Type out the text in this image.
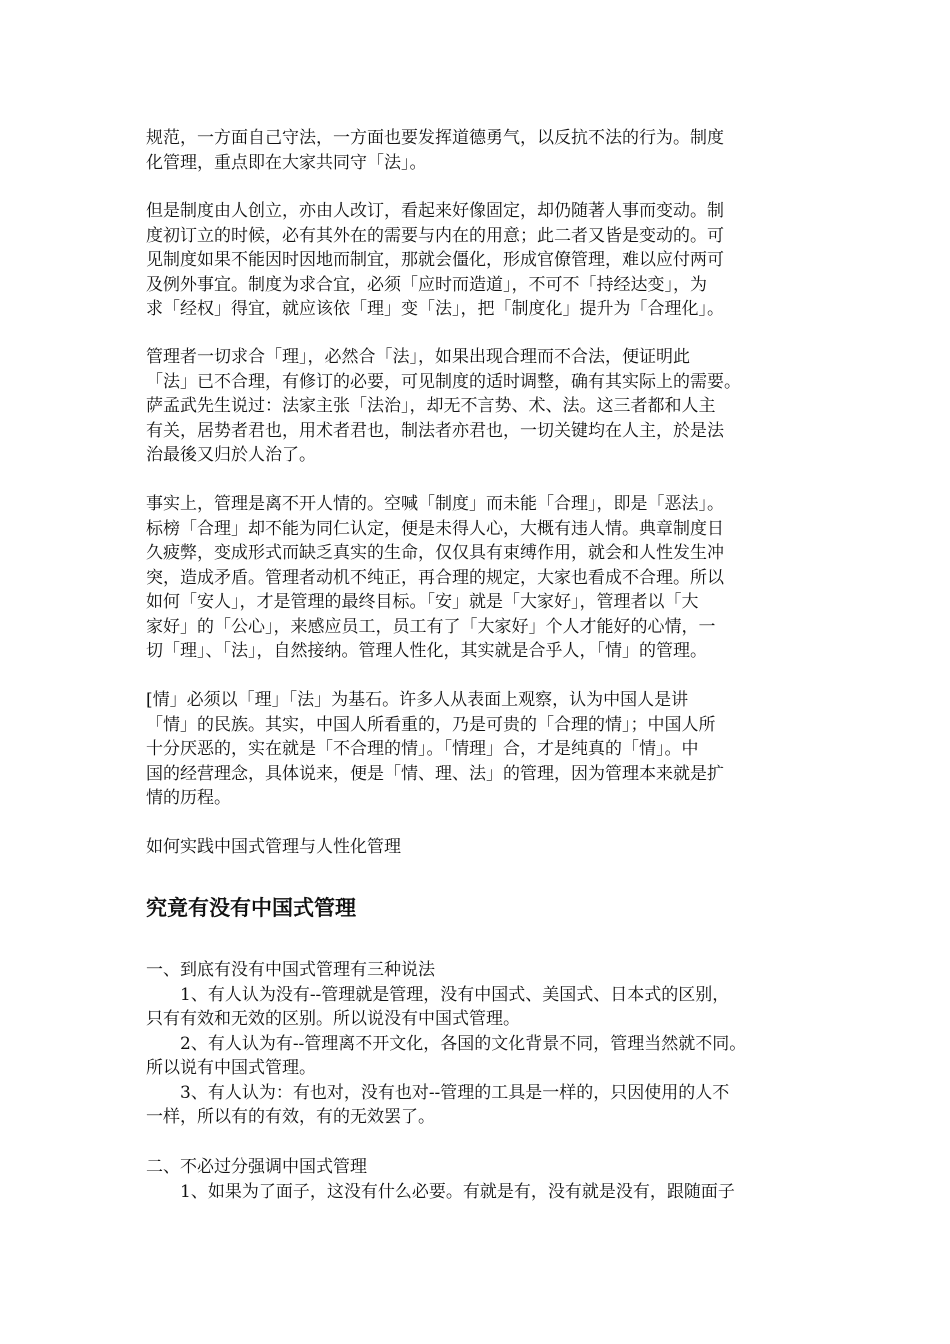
规范，一方面自己守法，一方面也要发挥道德勇气，以反抗不法的行为。制度
化管理，重点即在大家共同守「法」。
但是制度由人创立，亦由人改订，看起来好像固定，却仍随著人事而变动。制
度初订立的时候，必有其外在的需要与内在的用意；此二者又皆是变动的。可
见制度如果不能因时因地而制宜，那就会僵化，形成官僚管理，难以应付两可
及例外事宜。制度为求合宜，必须「应时而造道」，不可不「持经达变」，为
求「经权」得宜，就应该依「理」变「法」，把「制度化」提升为「合理化」。
管理者一切求合「理」，必然合「法」，如果出现合理而不合法，便证明此
「法」已不合理，有修订的必要，可见制度的适时调整，确有其实际上的需要。
萨孟武先生说过：法家主张「法治」，却无不言势、术、法。这三者都和人主
有关，居势者君也，用术者君也，制法者亦君也，一切关键均在人主，於是法
治最後又归於人治了。
事实上，管理是离不开人情的。空喊「制度」而未能「合理」，即是「恶法」。
标榜「合理」却不能为同仁认定，便是未得人心，大概有违人情。典章制度日
久疲弊，变成形式而缺乏真实的生命，仅仅具有束缚作用，就会和人性发生冲
突，造成矛盾。管理者动机不纯正，再合理的规定，大家也看成不合理。所以
如何「安人」，才是管理的最终目标。「安」就是「大家好」，管理者以「大
家好」的「公心」，来感应员工，员工有了「大家好」个人才能好的心情，一
切「理」、「法」，自然接纳。管理人性化，其实就是合乎人，「情」的管理。
[情」必须以「理」「法」为基石。许多人从表面上观察，认为中国人是讲
「情」的民族。其实，中国人所看重的，乃是可贵的「合理的情」；中国人所
十分厌恶的，实在就是「不合理的情」。「情理」合，才是纯真的「情」。中
国的经营理念，具体说来，便是「情、理、法」的管理，因为管理本来就是扩
情的历程。
如何实践中国式管理与人性化管理
究竟有没有中国式管理
一、到底有没有中国式管理有三种说法
1、有人认为没有--管理就是管理，没有中国式、美国式、日本式的区别，
只有有效和无效的区别。所以说没有中国式管理。
2、有人认为有--管理离不开文化，各国的文化背景不同，管理当然就不同。
所以说有中国式管理。
3、有人认为：有也对，没有也对--管理的工具是一样的，只因使用的人不
一样，所以有的有效，有的无效罢了。
二、不必过分强调中国式管理
1、如果为了面子，这没有什么必要。有就是有，没有就是没有，跟随面子
